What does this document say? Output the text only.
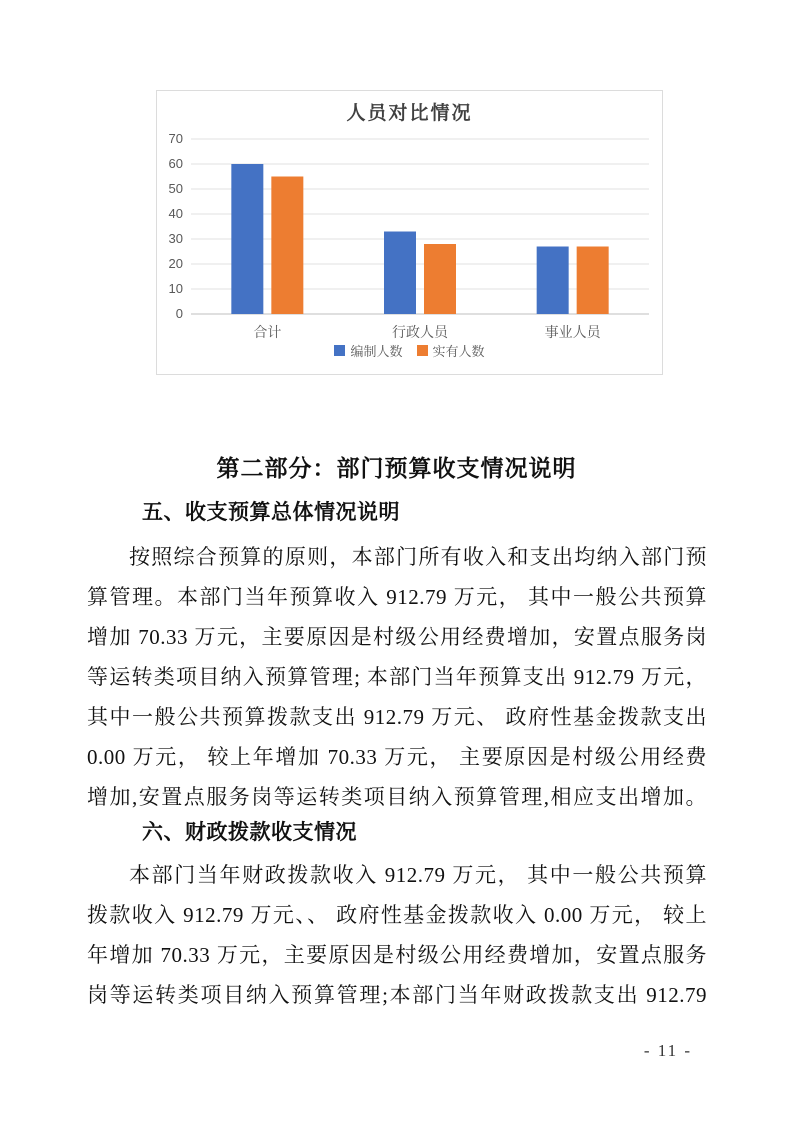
人员对比情况
0
10
20
30
40
50
60
70
合计	行政人员	事业人员
编制人数 实有人数
第二部分：部门预算收支情况说明
五、收支预算总体情况说明
按照综合预算的原则，本部门所有收入和支出均纳入部门预
算管理。本部门当年预算收入 912.79 万元， 其中一般公共预算
增加 70.33 万元，主要原因是村级公用经费增加，安置点服务岗
等运转类项目纳入预算管理; 本部门当年预算支出 912.79 万元，
其中一般公共预算拨款支出 912.79 万元、 政府性基金拨款支出
0.00 万元， 较上年增加 70.33 万元， 主要原因是村级公用经费
增加,安置点服务岗等运转类项目纳入预算管理,相应支出增加。
六、财政拨款收支情况
本部门当年财政拨款收入 912.79 万元， 其中一般公共预算
拨款收入 912.79 万元、、 政府性基金拨款收入 0.00 万元， 较上
年增加 70.33 万元，主要原因是村级公用经费增加，安置点服务
岗等运转类项目纳入预算管理;本部门当年财政拨款支出 912.79
- 11 -
